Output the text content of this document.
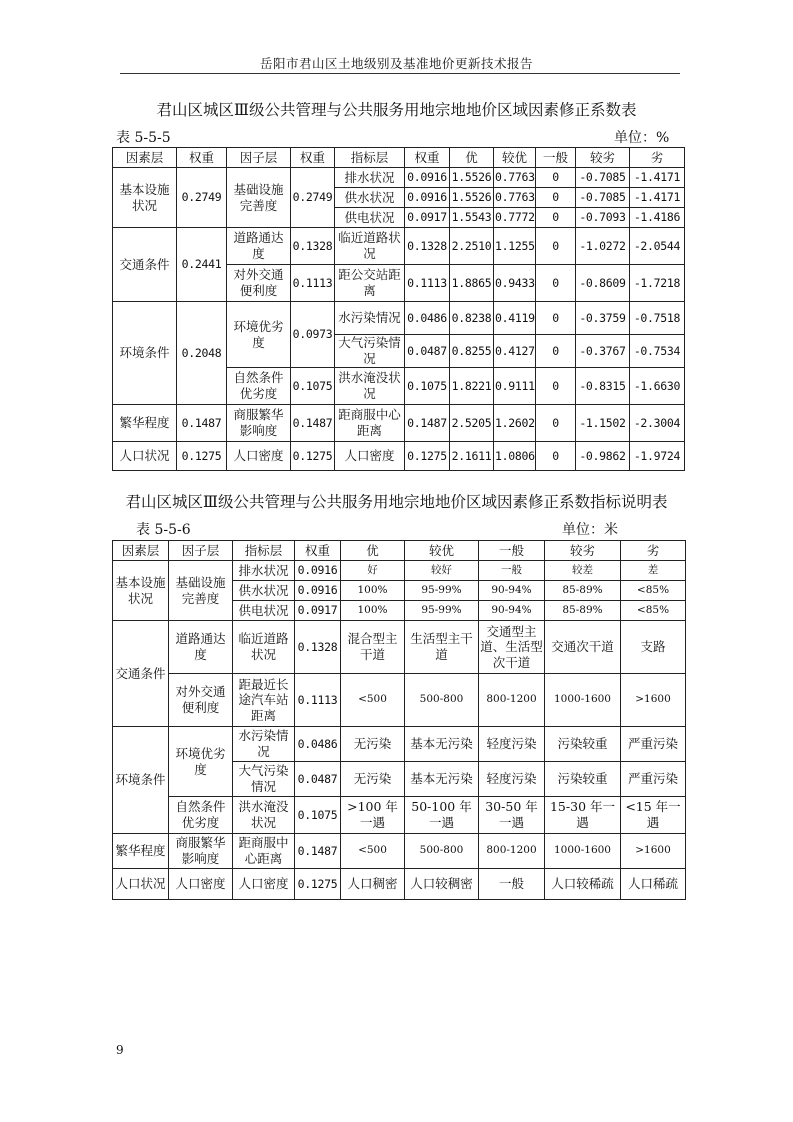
岳阳市君山区土地级别及基准地价更新技术报告
君山区城区Ⅲ级公共管理与公共服务用地宗地地价区域因素修正系数表
表 5-5-5	单位：%
因素层	权重	因子层	权重	指标层	权重	优	较优	一般	较劣	劣
基本设施状况	0.2749	基础设施完善度	0.2749	排水状况	0.0916	1.5526	0.7763	0	-0.7085	-1.4171
				供水状况	0.0916	1.5526	0.7763	0	-0.7085	-1.4171
				供电状况	0.0917	1.5543	0.7772	0	-0.7093	-1.4186
交通条件	0.2441	道路通达度	0.1328	临近道路状况	0.1328	2.2510	1.1255	0	-1.0272	-2.0544
		对外交通便利度	0.1113	距公交站距离	0.1113	1.8865	0.9433	0	-0.8609	-1.7218
环境条件	0.2048	环境优劣度	0.0973	水污染情况	0.0486	0.8238	0.4119	0	-0.3759	-0.7518
				大气污染情况	0.0487	0.8255	0.4127	0	-0.3767	-0.7534
		自然条件优劣度	0.1075	洪水淹没状况	0.1075	1.8221	0.9111	0	-0.8315	-1.6630
繁华程度	0.1487	商服繁华影响度	0.1487	距商服中心距离	0.1487	2.5205	1.2602	0	-1.1502	-2.3004
人口状况	0.1275	人口密度	0.1275	人口密度	0.1275	2.1611	1.0806	0	-0.9862	-1.9724
君山区城区Ⅲ级公共管理与公共服务用地宗地地价区域因素修正系数指标说明表
表 5-5-6	单位：米
因素层	因子层	指标层	权重	优	较优	一般	较劣	劣
基本设施状况	基础设施完善度	排水状况	0.0916	好	较好	一般	较差	差
		供水状况	0.0916	100%	95-99%	90-94%	85-89%	<85%
		供电状况	0.0917	100%	95-99%	90-94%	85-89%	<85%
交通条件	道路通达度	临近道路状况	0.1328	混合型主干道	生活型主干道	交通型主道、生活型次干道	交通次干道	支路
	对外交通便利度	距最近长途汽车站距离	0.1113	<500	500-800	800-1200	1000-1600	>1600
环境条件	环境优劣度	水污染情况	0.0486	无污染	基本无污染	轻度污染	污染较重	严重污染
		大气污染情况	0.0487	无污染	基本无污染	轻度污染	污染较重	严重污染
	自然条件优劣度	洪水淹没状况	0.1075	>100 年一遇	50-100 年一遇	30-50 年一遇	15-30 年一遇	<15 年一遇
繁华程度	商服繁华影响度	距商服中心距离	0.1487	<500	500-800	800-1200	1000-1600	>1600
人口状况	人口密度	人口密度	0.1275	人口稠密	人口较稠密	一般	人口较稀疏	人口稀疏
9
